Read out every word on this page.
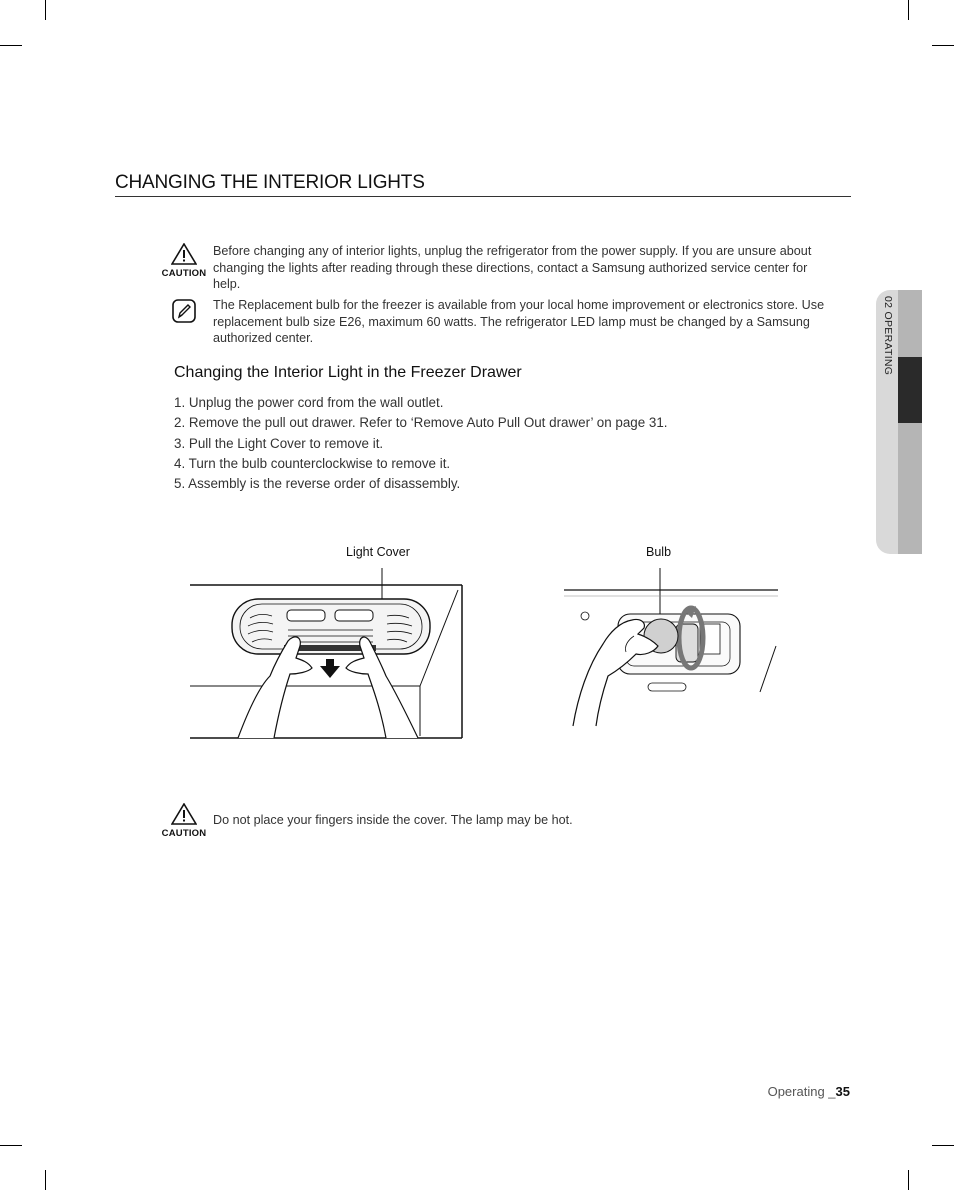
02 OPERATING
CHANGING THE INTERIOR LIGHTS
CAUTION
Before changing any of interior lights, unplug the refrigerator from the power supply. If you are unsure about changing the lights after reading through these directions, contact a Samsung authorized service center for help.
The Replacement bulb for the freezer is available from your local home improvement or electronics store. Use replacement bulb size E26, maximum 60 watts. The refrigerator LED lamp must be changed by a Samsung authorized center.
Changing the Interior Light in the Freezer Drawer
1. Unplug the power cord from the wall outlet.
2. Remove the pull out drawer. Refer to ‘Remove Auto Pull Out drawer’ on page 31.
3. Pull the Light Cover to remove it.
4. Turn the bulb counterclockwise to remove it.
5. Assembly is the reverse order of disassembly.
Light Cover	Bulb
CAUTION
Do not place your fingers inside the cover. The lamp may be hot.
Operating _35
